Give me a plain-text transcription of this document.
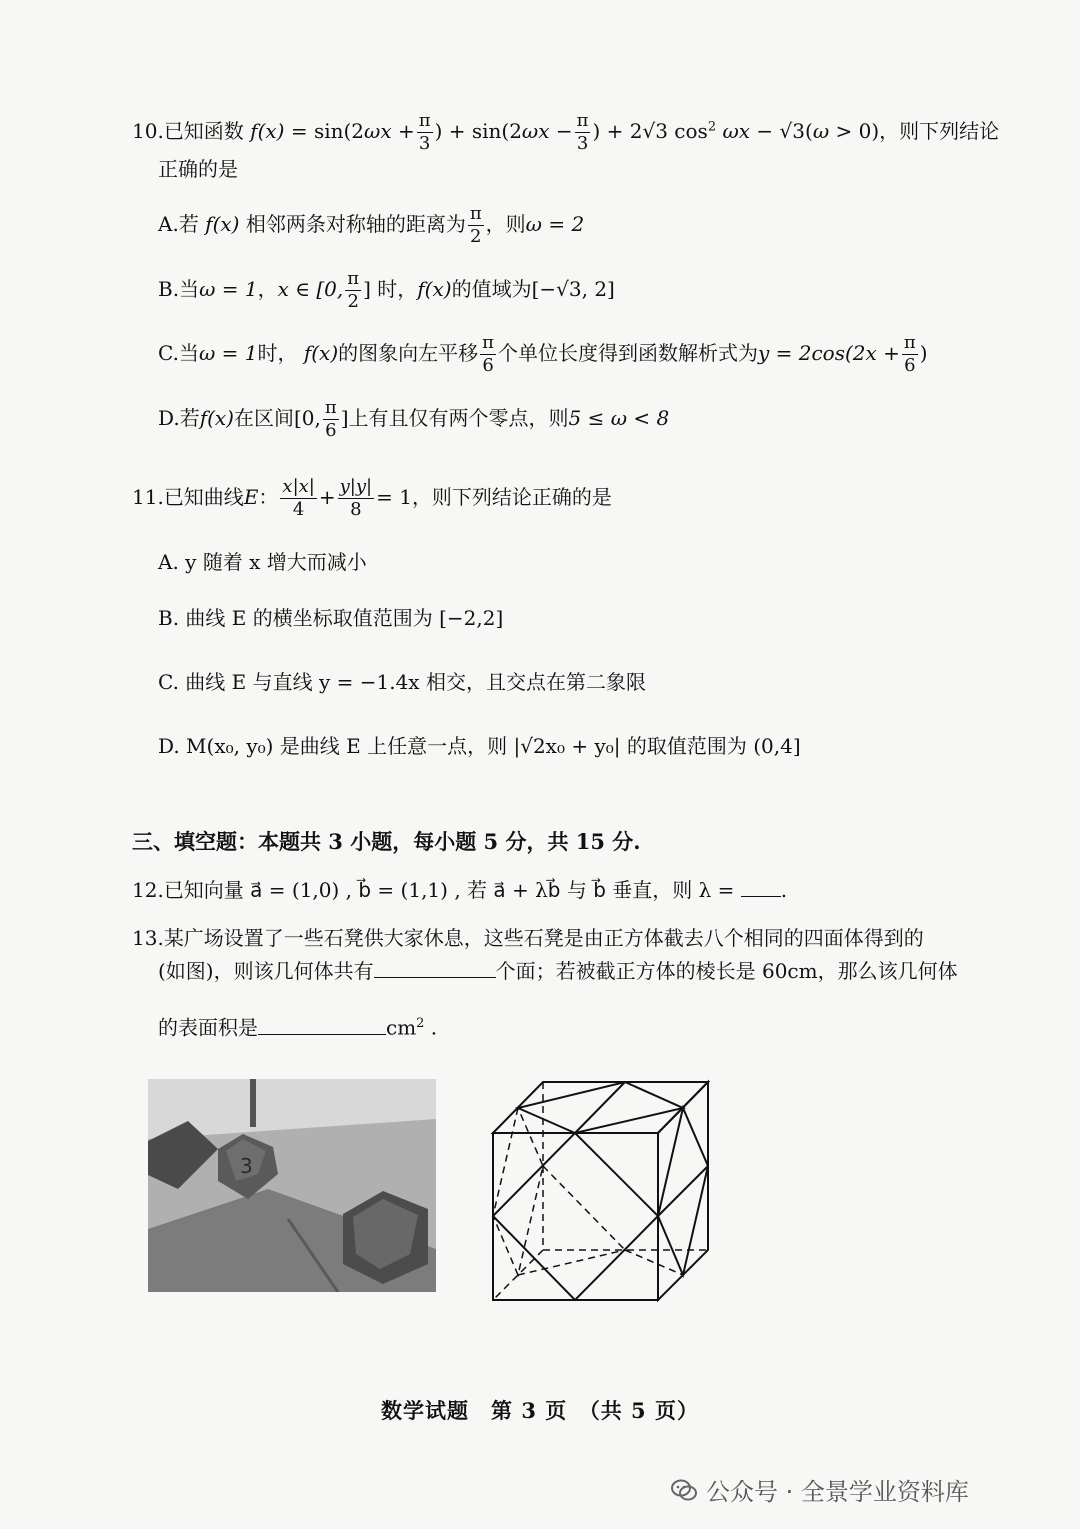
10.已知函数 $f(x) = \sin(2\omega x + \frac{\pi}{3}$ ) + $\sin(2\omega x - \frac{\pi}{3}$ ) + 2√3 $\cos^2 \omega x - √3(\omega > 0)$，则下列结论
正确的是
A.若 f(x) 相邻两条对称轴的距离为 $\frac{\pi}{2}$ ，则ω = 2
B.当ω = 1，x ∈ [0, $\frac{\pi}{2}$ ] 时，f(x)的值域为[−√3, 2]
C.当ω = 1时， f(x)的图象向左平移 $\frac{\pi}{6}$ 个单位长度得到函数解析式为$y = 2\cos(2x + \frac{\pi}{6}$ )
D.若f(x)在区间[0, $\frac{\pi}{6}$ ]上有且仅有两个零点，则5 ≤ ω < 8
11.已知曲线E： $\frac{x|x|}{4} + \frac{y|y|}{8} = 1$，则下列结论正确的是
A. y 随着 x 增大而减小
B. 曲线 E 的横坐标取值范围为 [−2,2]
C. 曲线 E 与直线 y = −1.4x 相交，且交点在第二象限
D. M(x₀, y₀) 是曲线 E 上任意一点，则 |√2x₀ + y₀| 的取值范围为 (0,4]
三、填空题：本题共 3 小题，每小题 5 分，共 15 分.
12.已知向量 a⃗ = (1,0) , b⃗ = (1,1) , 若 a⃗ + λb⃗ 与 b⃗ 垂直，则 λ = .
13.某广场设置了一些石凳供大家休息，这些石凳是由正方体截去八个相同的四面体得到的
(如图)，则该几何体共有	个面；若被截正方体的棱长是 60cm，那么该几何体
的表面积是	$cm^2$ .
3
数学试题　第 3 页　（共 5 页）
公众号 · 全景学业资料库
